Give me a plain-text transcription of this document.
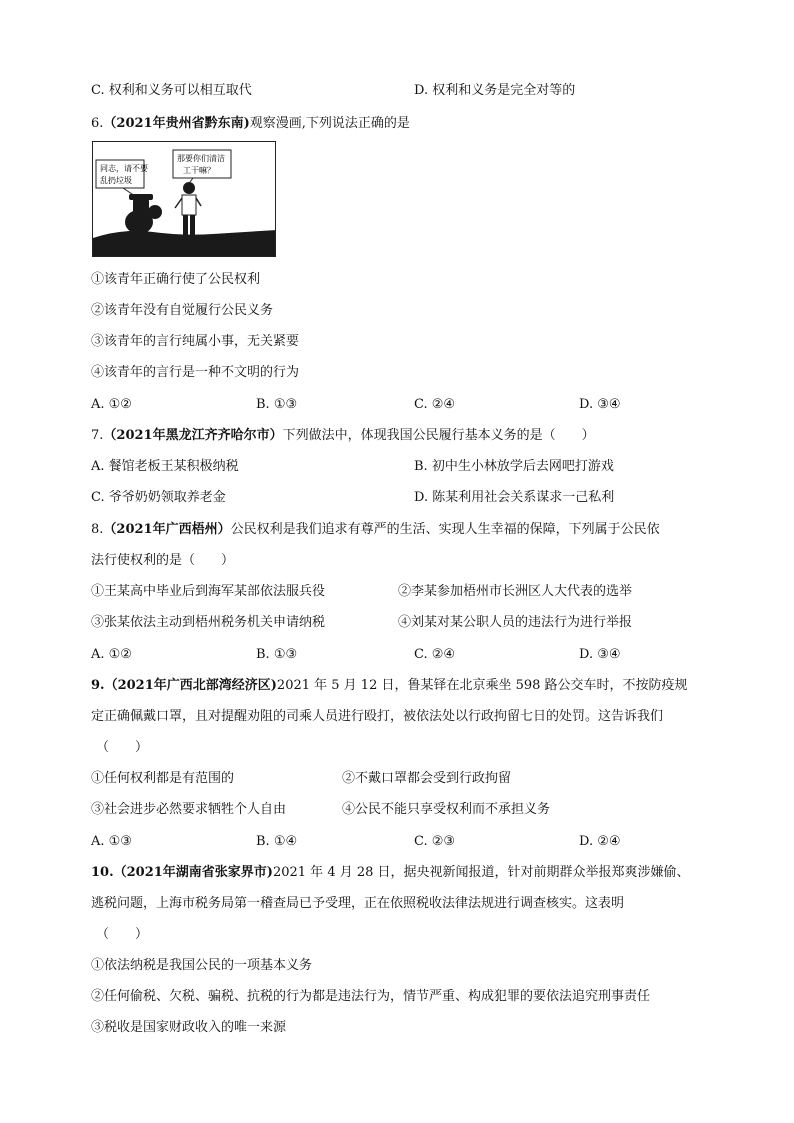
C. 权利和义务可以相互取代	D. 权利和义务是完全对等的
6.（2021年贵州省黔东南)观察漫画,下列说法正确的是
同志，请不要
乱扔垃圾
那要你们清洁
工干嘛？
①该青年正确行使了公民权利
②该青年没有自觉履行公民义务
③该青年的言行纯属小事，无关紧要
④该青年的言行是一种不文明的行为
A. ①②	B. ①③	C. ②④	D. ③④
7.（2021年黑龙江齐齐哈尔市）下列做法中，体现我国公民履行基本义务的是（　　）
A. 餐馆老板王某积极纳税	B. 初中生小林放学后去网吧打游戏
C. 爷爷奶奶领取养老金	D. 陈某利用社会关系谋求一己私利
8.（2021年广西梧州）公民权利是我们追求有尊严的生活、实现人生幸福的保障，下列属于公民依
法行使权利的是（　　）
①王某高中毕业后到海军某部依法服兵役	②李某参加梧州市长洲区人大代表的选举
③张某依法主动到梧州税务机关申请纳税	④刘某对某公职人员的违法行为进行举报
A. ①②	B. ①③	C. ②④	D. ③④
9.（2021年广西北部湾经济区)2021 年 5 月 12 日，鲁某铎在北京乘坐 598 路公交车时，不按防疫规
定正确佩戴口罩，且对提醒劝阻的司乘人员进行殴打，被依法处以行政拘留七日的处罚。这告诉我们
（　　）
①任何权利都是有范围的	②不戴口罩都会受到行政拘留
③社会进步必然要求牺牲个人自由	④公民不能只享受权利而不承担义务
A. ①③	B. ①④	C. ②③	D. ②④
10.（2021年湖南省张家界市)2021 年 4 月 28 日，据央视新闻报道，针对前期群众举报郑爽涉嫌偷、
逃税问题，上海市税务局第一稽查局已予受理，正在依照税收法律法规进行调查核实。这表明
（　　）
①依法纳税是我国公民的一项基本义务
②任何偷税、欠税、骗税、抗税的行为都是违法行为，情节严重、构成犯罪的要依法追究刑事责任
③税收是国家财政收入的唯一来源
